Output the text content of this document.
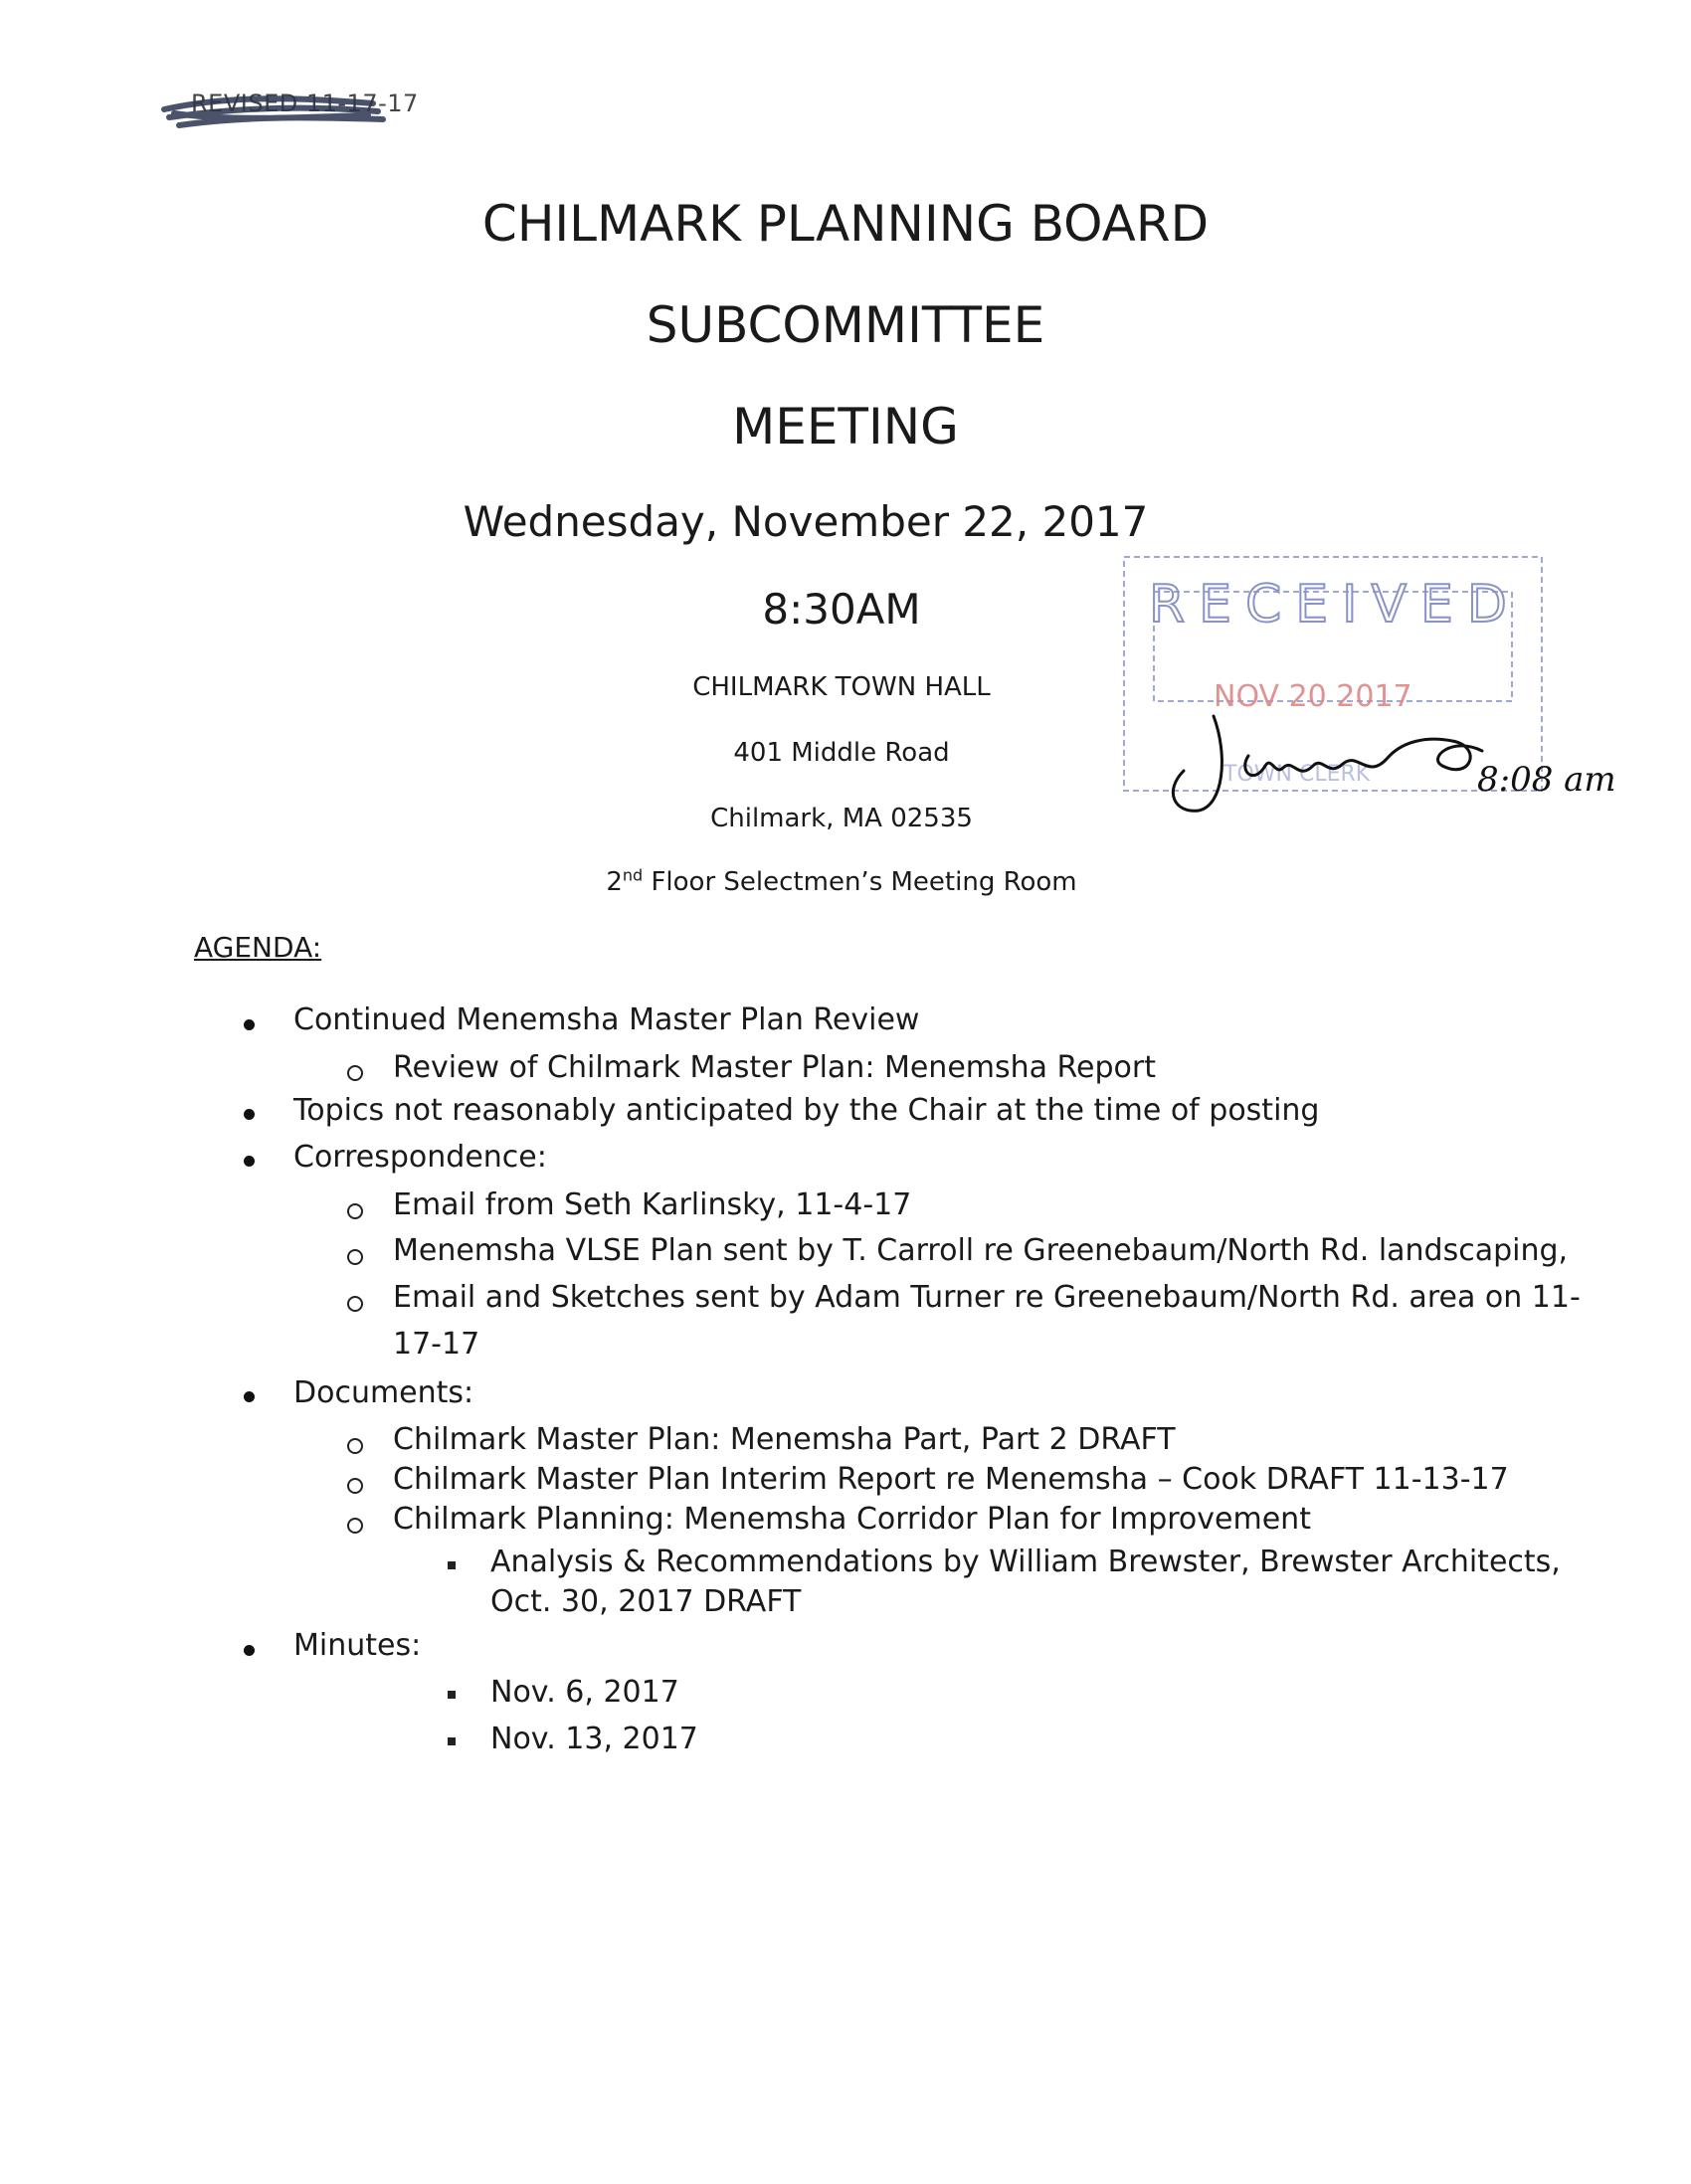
REVISED 11-17-17
CHILMARK PLANNING BOARD
SUBCOMMITTEE
MEETING
Wednesday, November 22, 2017
8:30AM
CHILMARK TOWN HALL
401 Middle Road
Chilmark, MA 02535
2nd Floor Selectmen’s Meeting Room
RECEIVED
NOV 20 2017
TOWN CLERK	8:08 am
AGENDA:
Continued Menemsha Master Plan Review
Review of Chilmark Master Plan: Menemsha Report
Topics not reasonably anticipated by the Chair at the time of posting
Correspondence:
Email from Seth Karlinsky, 11-4-17
Menemsha VLSE Plan sent by T. Carroll re Greenebaum/North Rd. landscaping,
Email and Sketches sent by Adam Turner re Greenebaum/North Rd. area on 11-
17-17
Documents:
Chilmark Master Plan: Menemsha Part, Part 2 DRAFT
Chilmark Master Plan Interim Report re Menemsha – Cook DRAFT 11-13-17
Chilmark Planning: Menemsha Corridor Plan for Improvement
Analysis & Recommendations by William Brewster, Brewster Architects,
Oct. 30, 2017 DRAFT
Minutes:
Nov. 6, 2017
Nov. 13, 2017
